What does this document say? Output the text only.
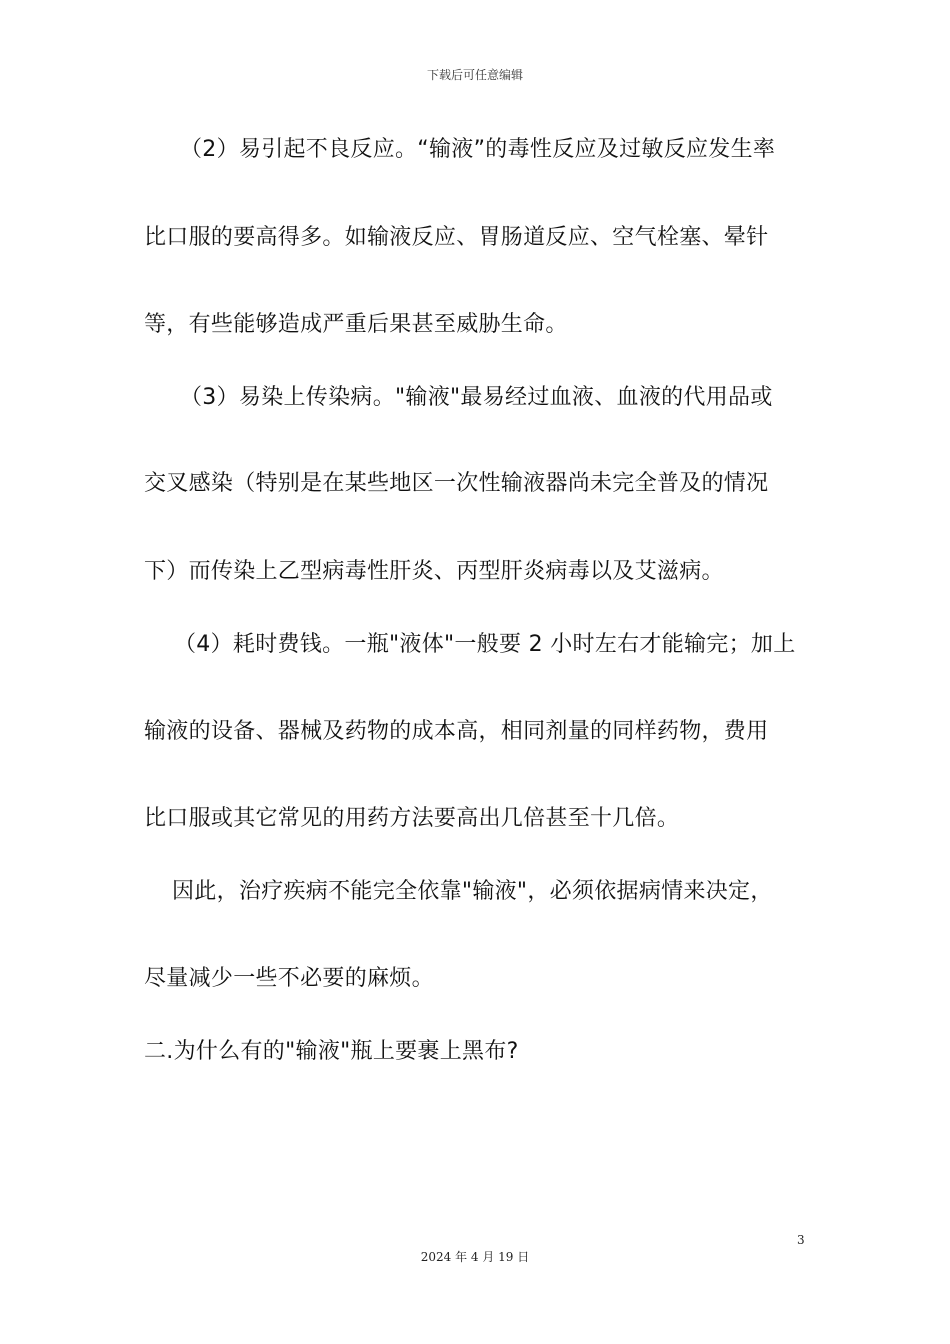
下载后可任意编辑
（2）易引起不良反应。“输液”的毒性反应及过敏反应发生率
比口服的要高得多。如输液反应、胃肠道反应、空气栓塞、晕针
等，有些能够造成严重后果甚至威胁生命。
（3）易染上传染病。"输液"最易经过血液、血液的代用品或
交叉感染（特别是在某些地区一次性输液器尚未完全普及的情况
下）而传染上乙型病毒性肝炎、丙型肝炎病毒以及艾滋病。
（4）耗时费钱。一瓶"液体"一般要 2 小时左右才能输完；加上
输液的设备、器械及药物的成本高，相同剂量的同样药物，费用
比口服或其它常见的用药方法要高出几倍甚至十几倍。
因此，治疗疾病不能完全依靠"输液"，必须依据病情来决定，
尽量减少一些不必要的麻烦。
二.为什么有的"输液"瓶上要裹上黑布?
3
2024 年 4 月 19 日
